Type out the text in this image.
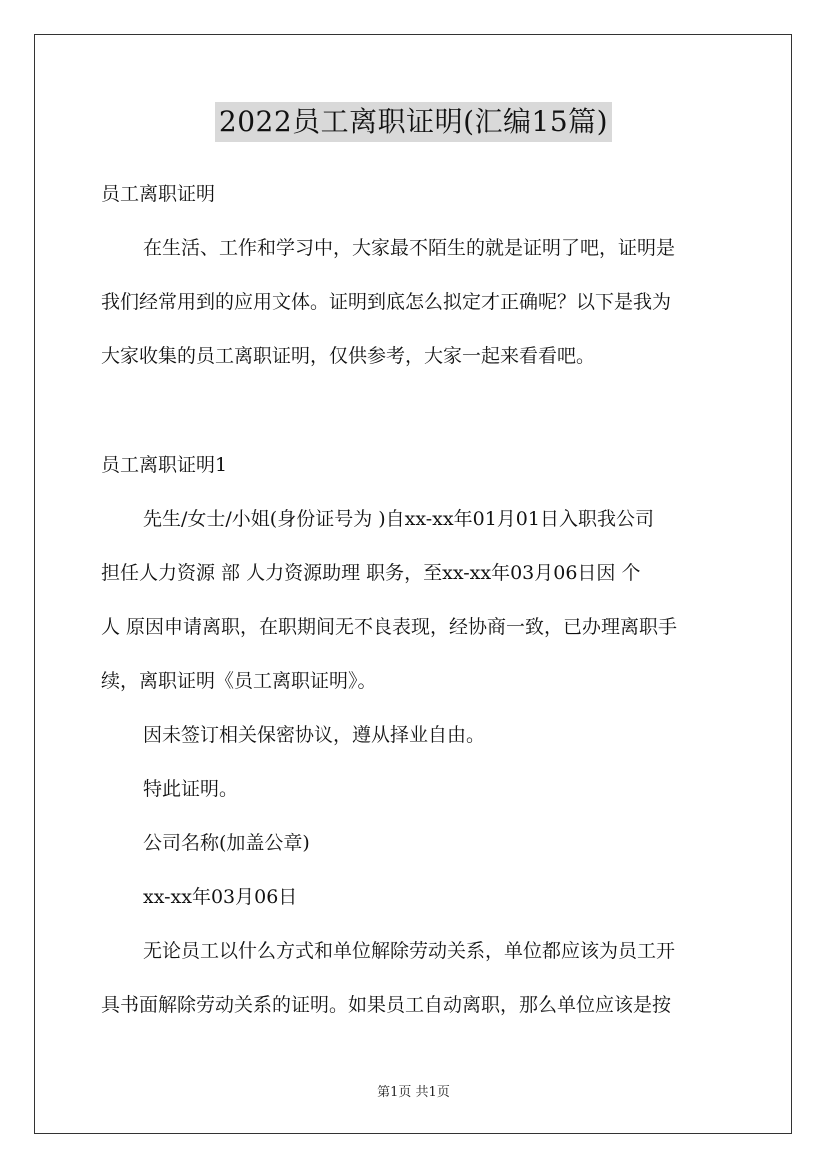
2022员工离职证明(汇编15篇)
员工离职证明
在生活、工作和学习中，大家最不陌生的就是证明了吧，证明是
我们经常用到的应用文体。证明到底怎么拟定才正确呢？以下是我为
大家收集的员工离职证明，仅供参考，大家一起来看看吧。
员工离职证明1
先生/女士/小姐(身份证号为 )自xx-xx年01月01日入职我公司
担任人力资源 部 人力资源助理 职务，至xx-xx年03月06日因 个
人 原因申请离职，在职期间无不良表现，经协商一致，已办理离职手
续，离职证明《员工离职证明》。
因未签订相关保密协议，遵从择业自由。
特此证明。
公司名称(加盖公章)
xx-xx年03月06日
无论员工以什么方式和单位解除劳动关系，单位都应该为员工开
具书面解除劳动关系的证明。如果员工自动离职，那么单位应该是按
第1页 共1页
